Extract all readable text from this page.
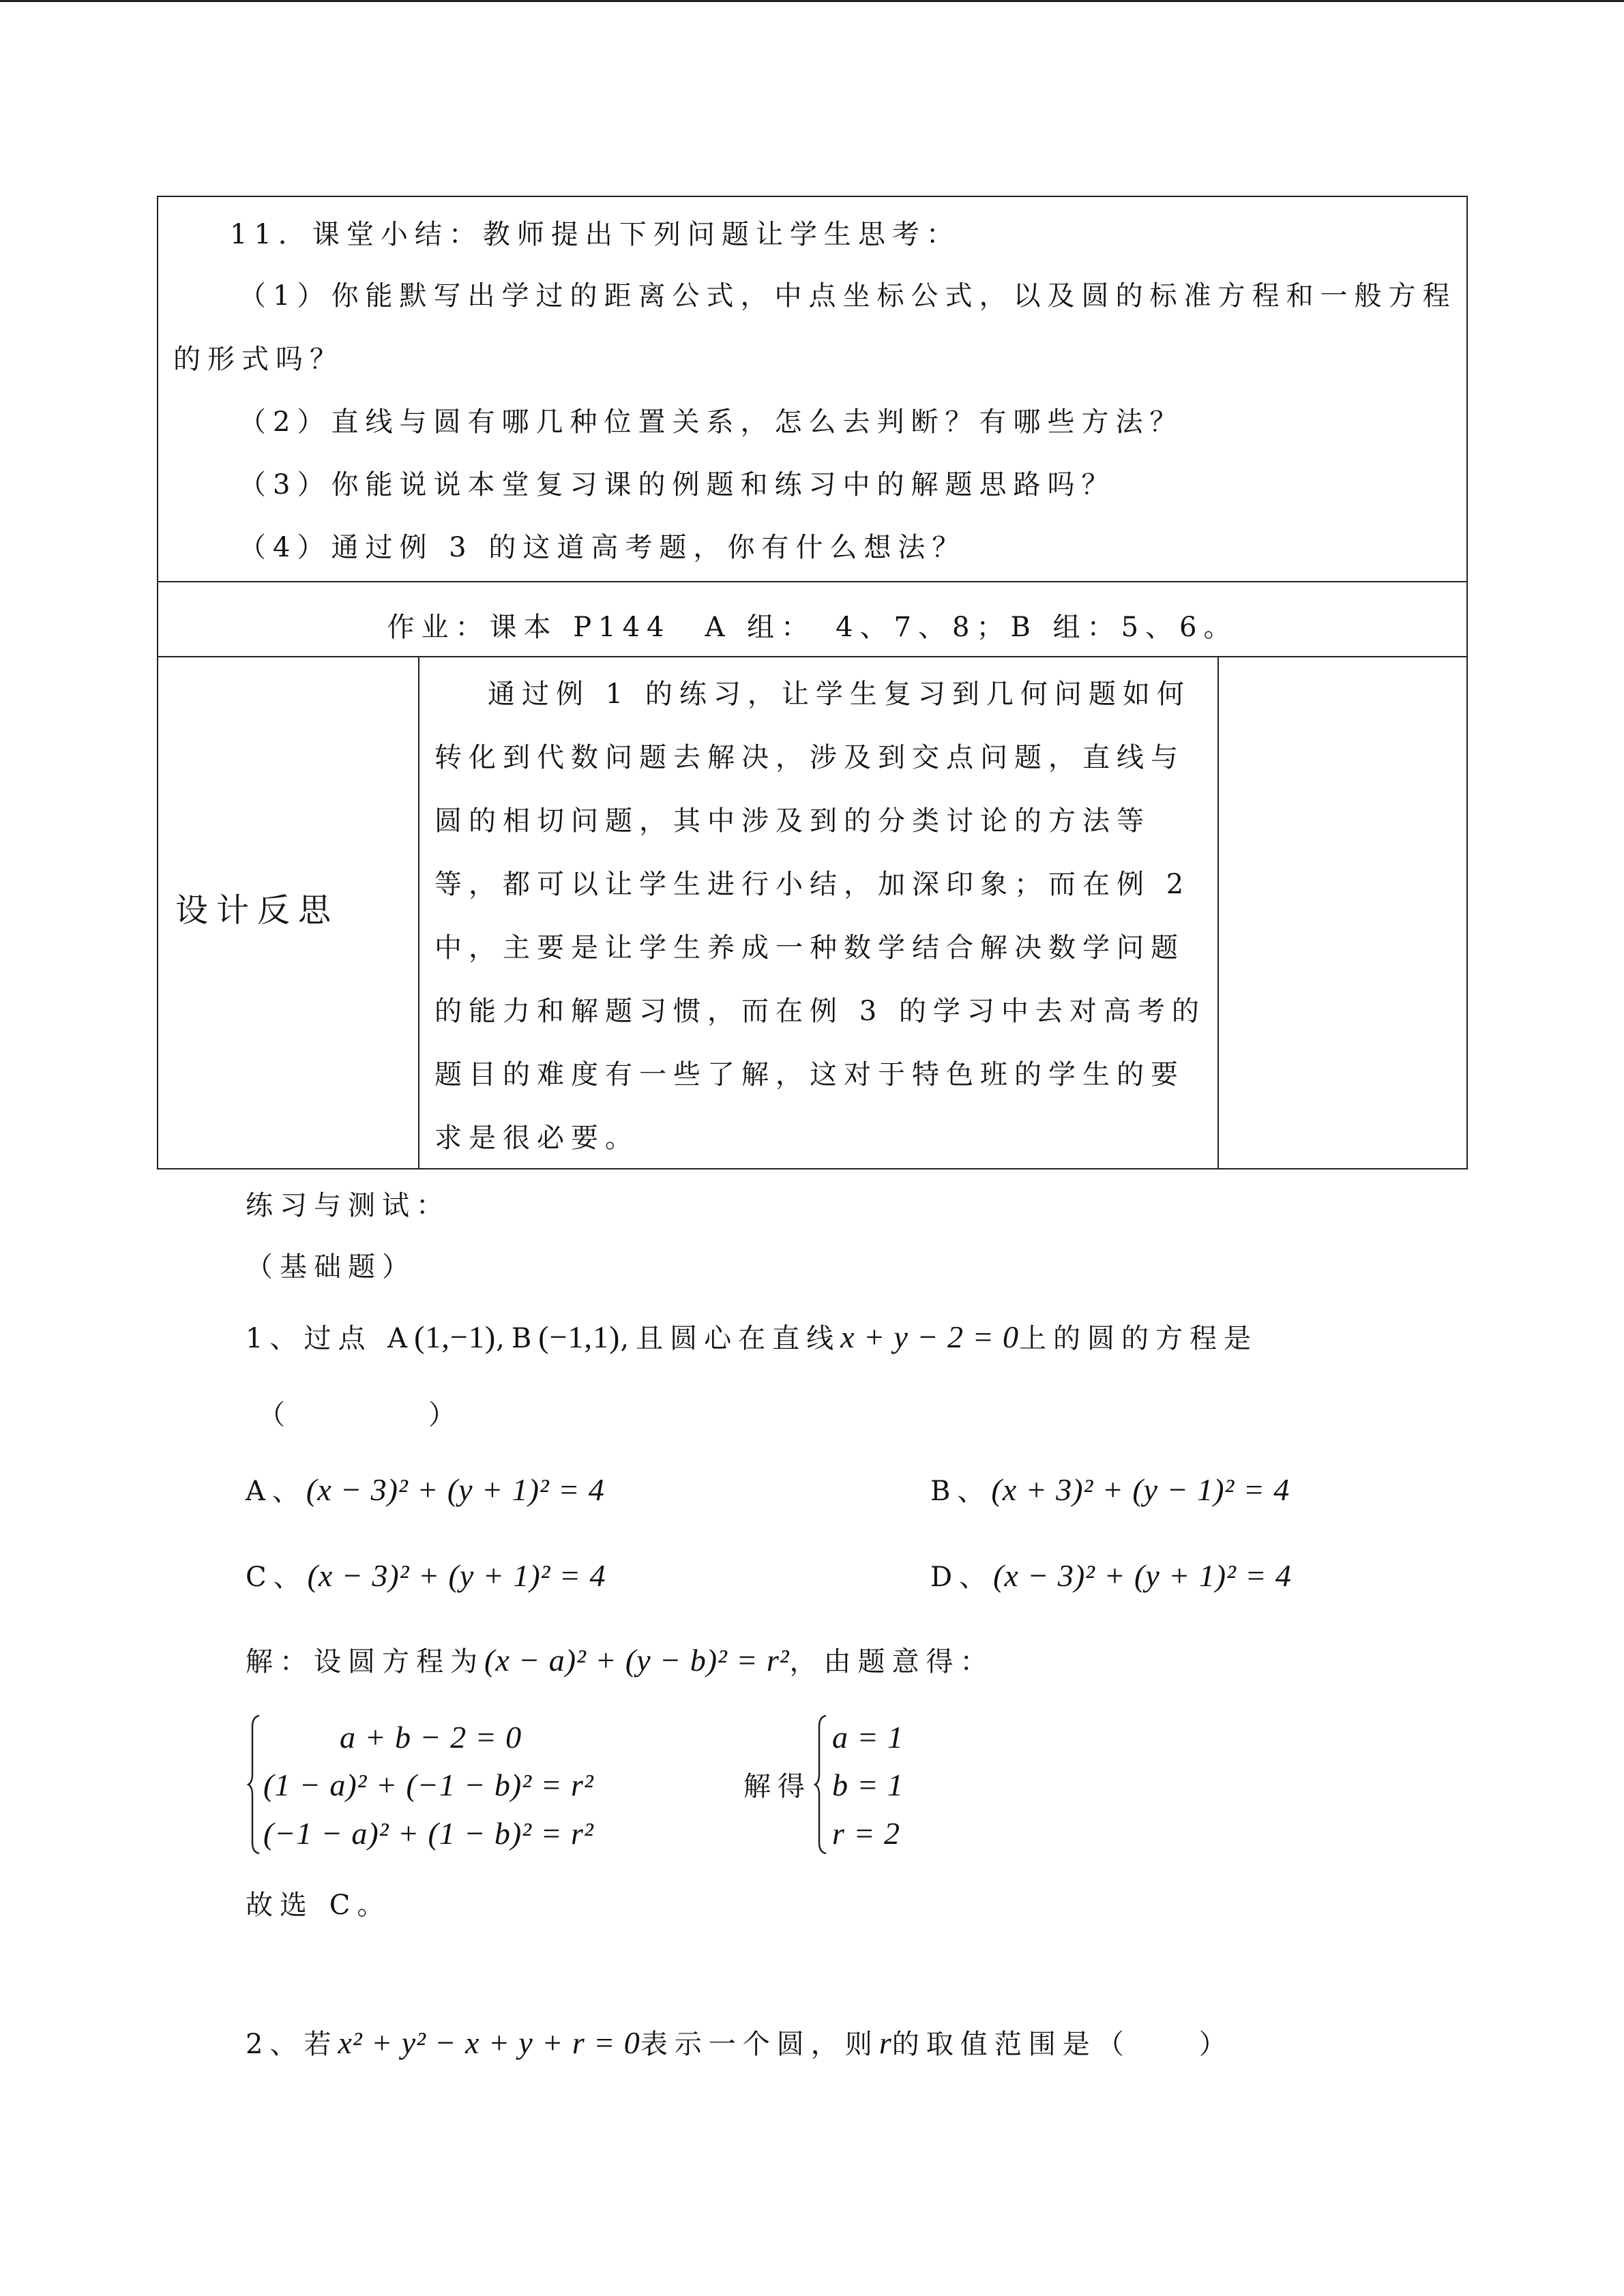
11．课堂小结：教师提出下列问题让学生思考：
（1）你能默写出学过的距离公式，中点坐标公式，以及圆的标准方程和一般方程
的形式吗？
（2）直线与圆有哪几种位置关系，怎么去判断？有哪些方法？
（3）你能说说本堂复习课的例题和练习中的解题思路吗？
（4）通过例 3 的这道高考题，你有什么想法？
作业：课本 P144　A 组：　4、7、8；B 组：5、6。
设计反思
通过例 1 的练习，让学生复习到几何问题如何
转化到代数问题去解决，涉及到交点问题，直线与
圆的相切问题，其中涉及到的分类讨论的方法等
等，都可以让学生进行小结，加深印象；而在例 2
中，主要是让学生养成一种数学结合解决数学问题
的能力和解题习惯，而在例 3 的学习中去对高考的
题目的难度有一些了解，这对于特色班的学生的要
求是很必要。
练习与测试：
（基础题）
1、过点 A(1,−1),B(−1,1),且圆心在直线x + y − 2 = 0上的圆的方程是
（　　　　）
A、(x − 3)² + (y + 1)² = 4	B、(x + 3)² + (y − 1)² = 4
C、(x − 3)² + (y + 1)² = 4	D、(x − 3)² + (y + 1)² = 4
解：设圆方程为(x − a)² + (y − b)² = r²，由题意得：
a + b − 2 = 0
(1 − a)² + (−1 − b)² = r²
(−1 − a)² + (1 − b)² = r²
解得
a = 1
b = 1
r = 2
故选 C。
2、若x² + y² − x + y + r = 0表示一个圆，则r的取值范围是（　　）
